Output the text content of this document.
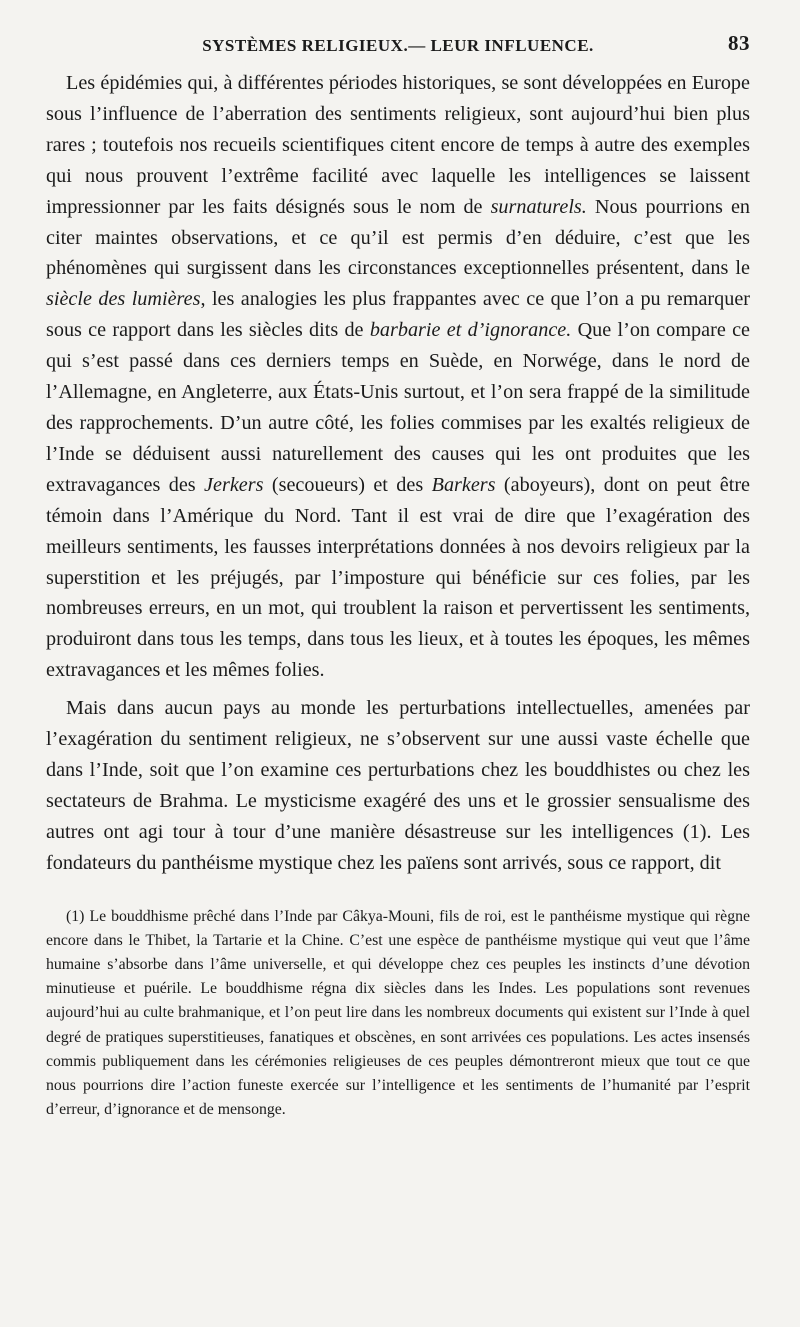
SYSTÈMES RELIGIEUX.— LEUR INFLUENCE.	83

Les épidémies qui, à différentes périodes historiques, se sont développées en Europe sous l’influence de l’aberration des sentiments religieux, sont aujourd’hui bien plus rares ; toutefois nos recueils scientifiques citent encore de temps à autre des exemples qui nous prouvent l’extrême facilité avec laquelle les intelligences se laissent impressionner par les faits désignés sous le nom de surnaturels. Nous pourrions en citer maintes observations, et ce qu’il est permis d’en déduire, c’est que les phénomènes qui surgissent dans les circonstances exceptionnelles présentent, dans le siècle des lumières, les analogies les plus frappantes avec ce que l’on a pu remarquer sous ce rapport dans les siècles dits de barbarie et d’ignorance. Que l’on compare ce qui s’est passé dans ces derniers temps en Suède, en Norwége, dans le nord de l’Allemagne, en Angleterre, aux États-Unis surtout, et l’on sera frappé de la similitude des rapprochements. D’un autre côté, les folies commises par les exaltés religieux de l’Inde se déduisent aussi naturellement des causes qui les ont produites que les extravagances des Jerkers (secoueurs) et des Barkers (aboyeurs), dont on peut être témoin dans l’Amérique du Nord. Tant il est vrai de dire que l’exagération des meilleurs sentiments, les fausses interprétations données à nos devoirs religieux par la superstition et les préjugés, par l’imposture qui bénéficie sur ces folies, par les nombreuses erreurs, en un mot, qui troublent la raison et pervertissent les sentiments, produiront dans tous les temps, dans tous les lieux, et à toutes les époques, les mêmes extravagances et les mêmes folies.

Mais dans aucun pays au monde les perturbations intellectuelles, amenées par l’exagération du sentiment religieux, ne s’observent sur une aussi vaste échelle que dans l’Inde, soit que l’on examine ces perturbations chez les bouddhistes ou chez les sectateurs de Brahma. Le mysticisme exagéré des uns et le grossier sensualisme des autres ont agi tour à tour d’une manière désastreuse sur les intelligences (1). Les fondateurs du panthéisme mystique chez les païens sont arrivés, sous ce rapport, dit

(1) Le bouddhisme prêché dans l’Inde par Câkya-Mouni, fils de roi, est le panthéisme mystique qui règne encore dans le Thibet, la Tartarie et la Chine. C’est une espèce de panthéisme mystique qui veut que l’âme humaine s’absorbe dans l’âme universelle, et qui développe chez ces peuples les instincts d’une dévotion minutieuse et puérile. Le bouddhisme régna dix siècles dans les Indes. Les populations sont revenues aujourd’hui au culte brahmanique, et l’on peut lire dans les nombreux documents qui existent sur l’Inde à quel degré de pratiques superstitieuses, fanatiques et obscènes, en sont arrivées ces populations. Les actes insensés commis publiquement dans les cérémonies religieuses de ces peuples démontreront mieux que tout ce que nous pourrions dire l’action funeste exercée sur l’intelligence et les sentiments de l’humanité par l’esprit d’erreur, d’ignorance et de mensonge.
